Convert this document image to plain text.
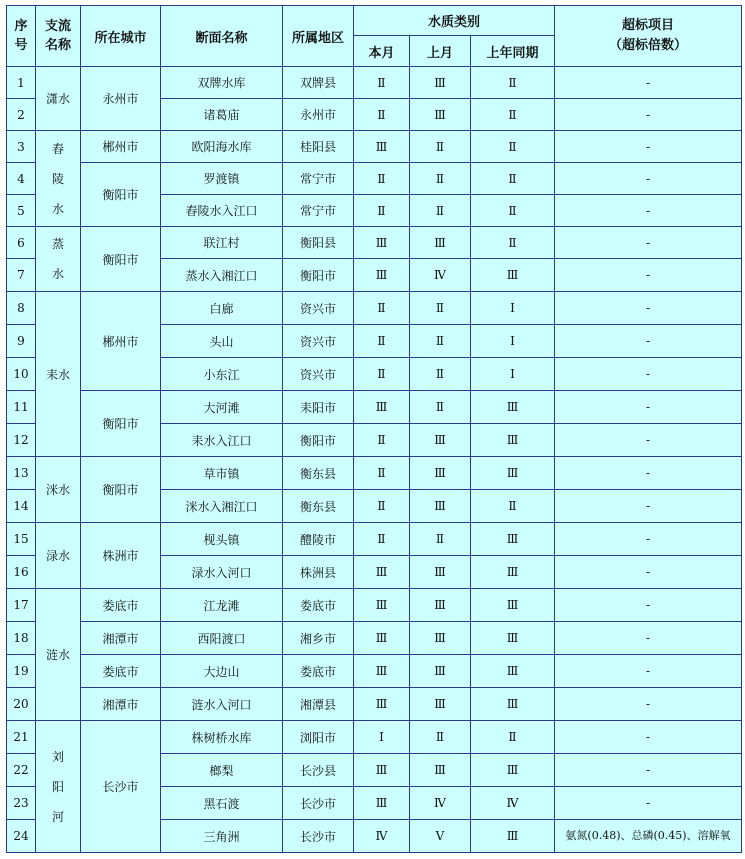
序号	支流名称	所在城市	断面名称	所属地区	水质类别			超标项目
（超标倍数）

					本月	上月	上年同期	
1	潇水	永州市	双牌水库	双牌县	Ⅱ	Ⅲ	Ⅱ	-
2			诸葛庙	永州市	Ⅱ	Ⅲ	Ⅱ	-
3	舂陵水	郴州市	欧阳海水库	桂阳县	Ⅲ	Ⅱ	Ⅱ	-
4		衡阳市	罗渡镇	常宁市	Ⅱ	Ⅱ	Ⅱ	-
5			舂陵水入江口	常宁市	Ⅱ	Ⅱ	Ⅱ	-
6	蒸水	衡阳市	联江村	衡阳县	Ⅲ	Ⅲ	Ⅱ	-
7			蒸水入湘江口	衡阳市	Ⅲ	Ⅳ	Ⅲ	-
8	耒水	郴州市	白廊	资兴市	Ⅱ	Ⅱ	Ⅰ	-
9			头山	资兴市	Ⅱ	Ⅱ	Ⅰ	-
10			小东江	资兴市	Ⅱ	Ⅱ	Ⅰ	-
11		衡阳市	大河滩	耒阳市	Ⅲ	Ⅱ	Ⅲ	-
12			耒水入江口	衡阳市	Ⅱ	Ⅲ	Ⅲ	-
13	洣水	衡阳市	草市镇	衡东县	Ⅱ	Ⅲ	Ⅲ	-
14			洣水入湘江口	衡东县	Ⅱ	Ⅲ	Ⅱ	-
15	渌水	株洲市	枧头镇	醴陵市	Ⅱ	Ⅱ	Ⅲ	-
16			渌水入河口	株洲县	Ⅲ	Ⅲ	Ⅲ	-
17	涟水	娄底市	江龙滩	娄底市	Ⅲ	Ⅲ	Ⅲ	-
18		湘潭市	西阳渡口	湘乡市	Ⅲ	Ⅲ	Ⅲ	-
19		娄底市	大边山	娄底市	Ⅲ	Ⅲ	Ⅲ	-
20		湘潭市	涟水入河口	湘潭县	Ⅲ	Ⅲ	Ⅲ	-
21	刘阳河	长沙市	株树桥水库	浏阳市	Ⅰ	Ⅱ	Ⅱ	-
22			榔梨	长沙县	Ⅲ	Ⅲ	Ⅲ	-
23			黑石渡	长沙市	Ⅲ	Ⅳ	Ⅳ	-
24			三角洲	长沙市	Ⅳ	Ⅴ	Ⅲ	氨氮(0.48)、总磷(0.45)、溶解氧
